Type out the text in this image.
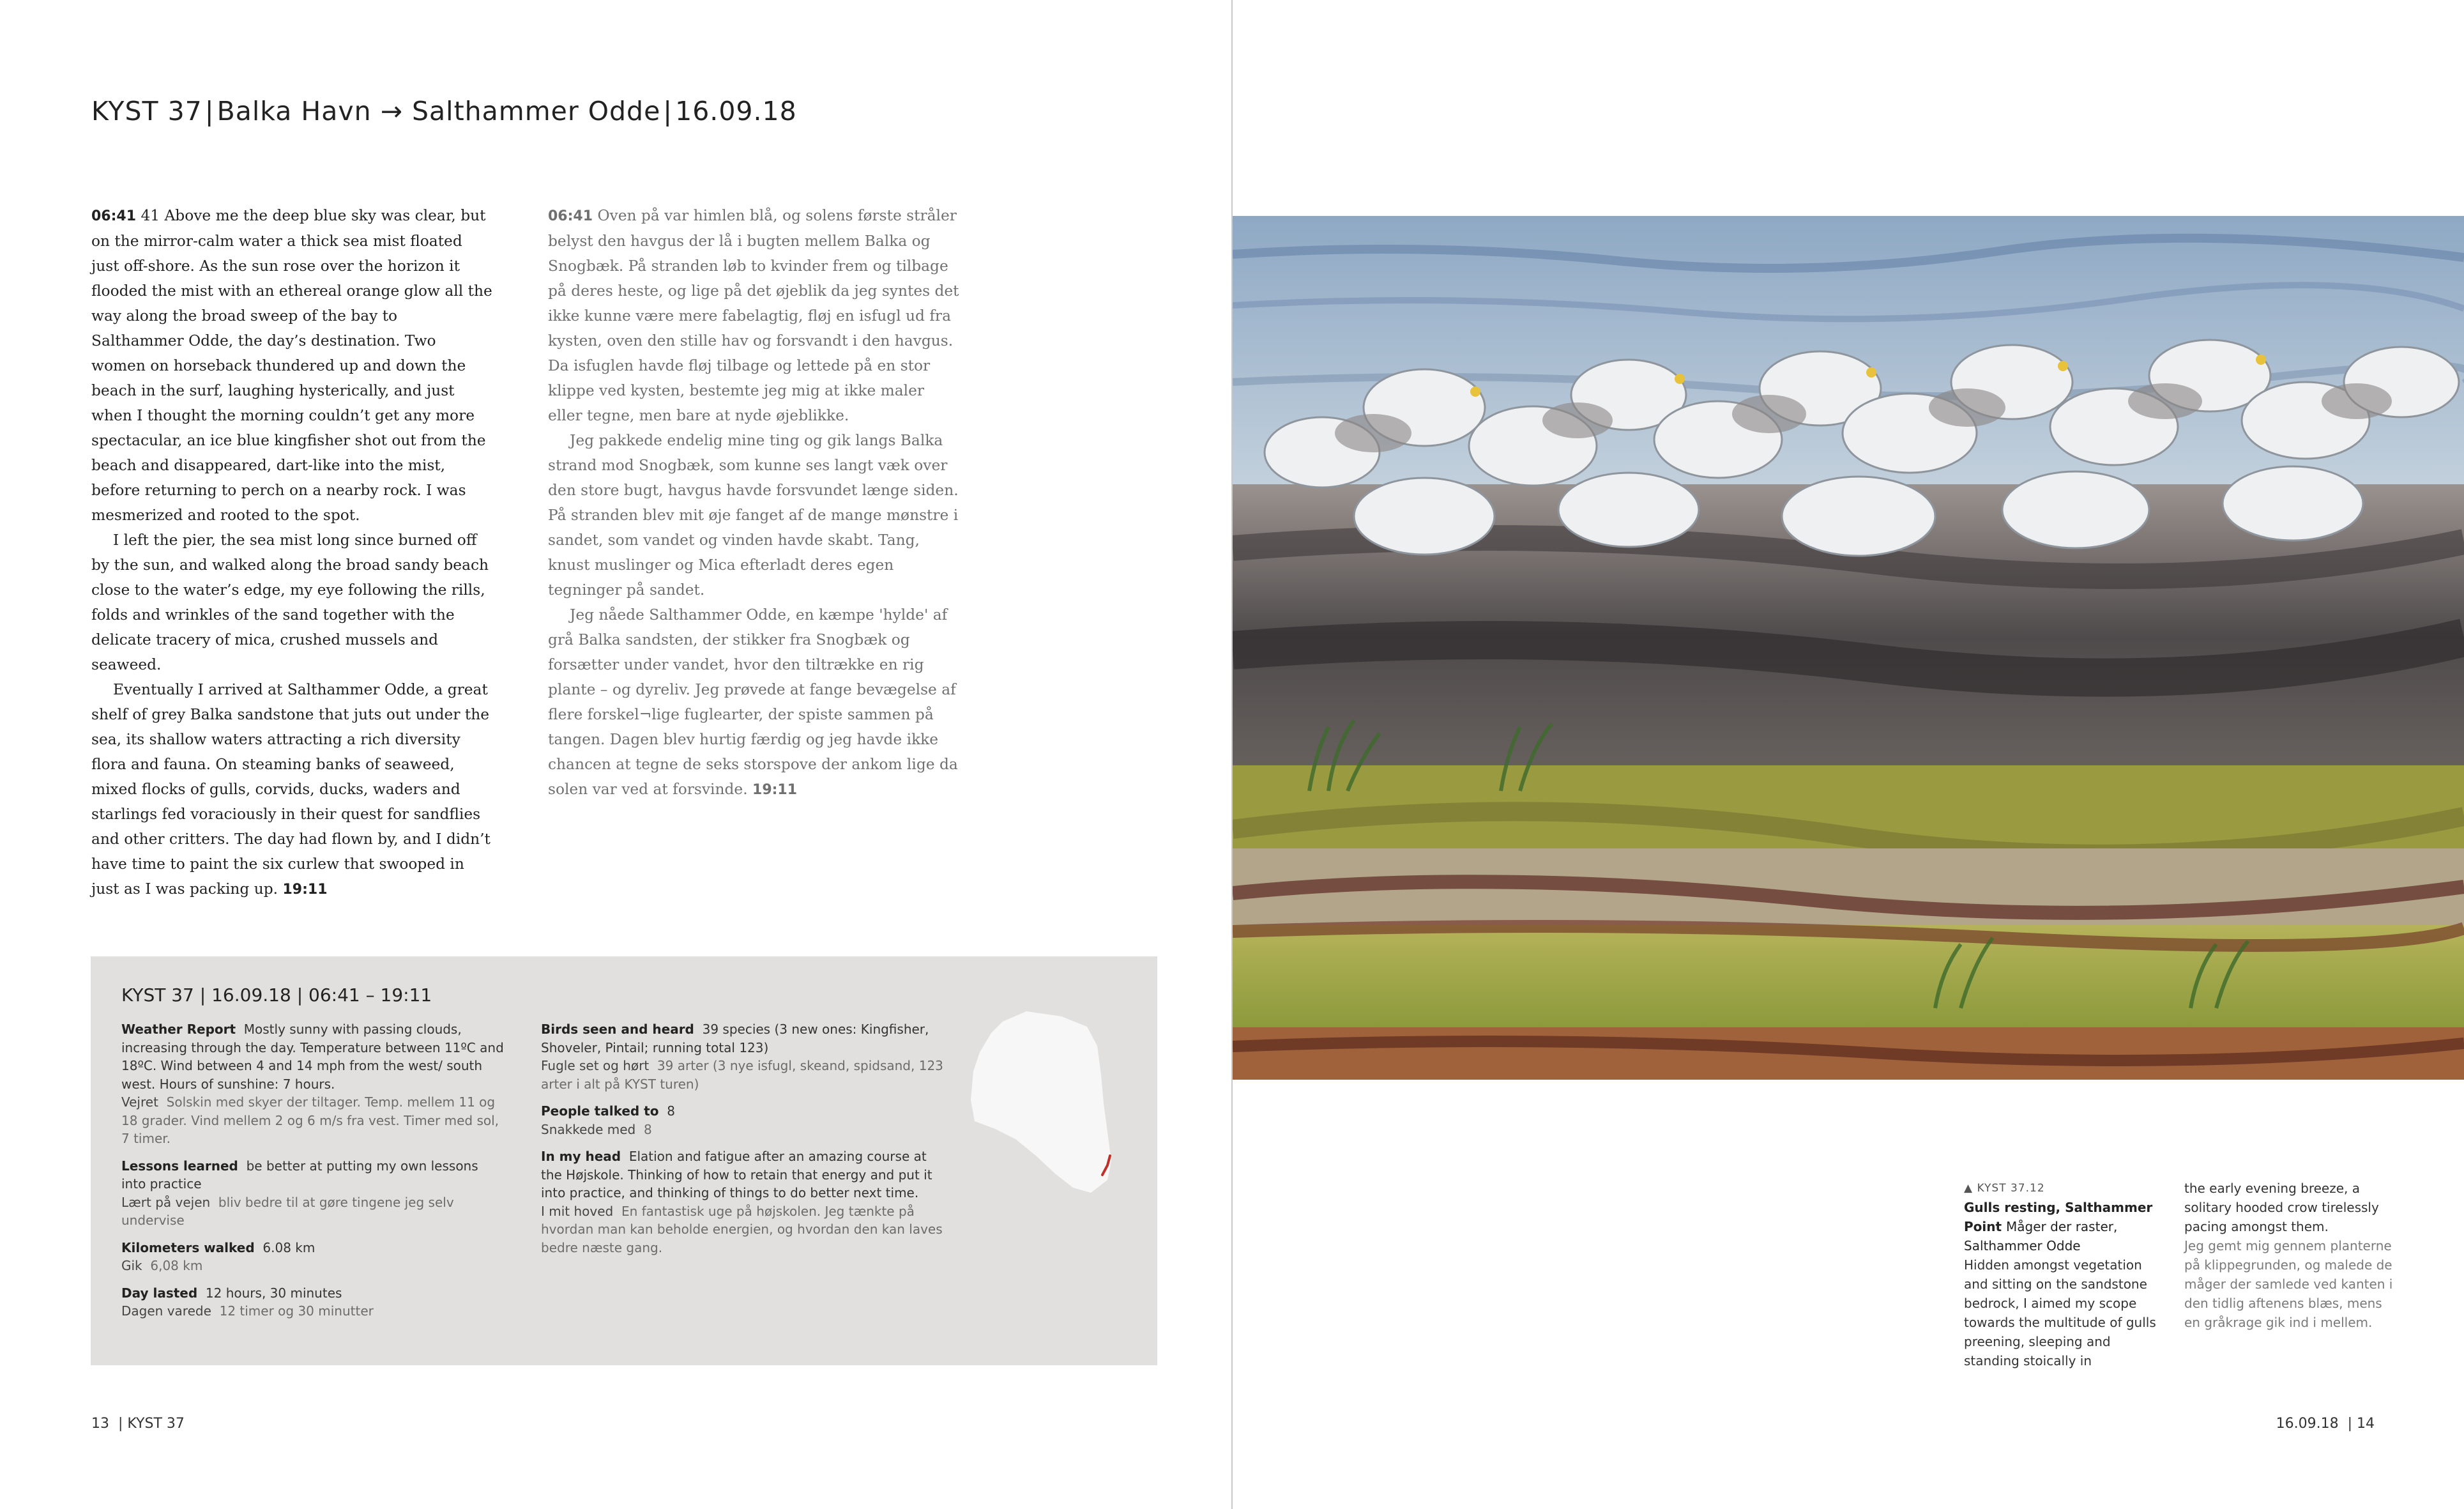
KYST 37|Balka Havn → Salthammer Odde|16.09.18

06:41 41 Above me the deep blue sky was clear, but on the mirror-calm water a thick sea mist floated just off-shore. As the sun rose over the horizon it flooded the mist with an ethereal orange glow all the way along the broad sweep of the bay to Salthammer Odde, the day’s destination. Two women on horseback thundered up and down the beach in the surf, laughing hysterically, and just when I thought the morning couldn’t get any more spectacular, an ice blue kingfisher shot out from the beach and disappeared, dart-like into the mist, before returning to perch on a nearby rock. I was mesmerized and rooted to the spot.

I left the pier, the sea mist long since burned off by the sun, and walked along the broad sandy beach close to the water’s edge, my eye following the rills, folds and wrinkles of the sand together with the delicate tracery of mica, crushed mussels and seaweed.

Eventually I arrived at Salthammer Odde, a great shelf of grey Balka sandstone that juts out under the sea, its shallow waters attracting a rich diversity flora and fauna. On steaming banks of seaweed, mixed flocks of gulls, corvids, ducks, waders and starlings fed voraciously in their quest for sandflies and other critters. The day had flown by, and I didn’t have time to paint the six curlew that swooped in just as I was packing up. 19:11

06:41 Oven på var himlen blå, og solens første stråler belyst den havgus der lå i bugten mellem Balka og Snogbæk. På stranden løb to kvinder frem og tilbage på deres heste, og lige på det øjeblik da jeg syntes det ikke kunne være mere fabelagtig, fløj en isfugl ud fra kysten, oven den stille hav og forsvandt i den havgus. Da isfuglen havde fløj tilbage og lettede på en stor klippe ved kysten, bestemte jeg mig at ikke maler eller tegne, men bare at nyde øjeblikke.

Jeg pakkede endelig mine ting og gik langs Balka strand mod Snogbæk, som kunne ses langt væk over den store bugt, havgus havde forsvundet længe siden. På stranden blev mit øje fanget af de mange mønstre i sandet, som vandet og vinden havde skabt. Tang, knust muslinger og Mica efterladt deres egen tegninger på sandet.

Jeg nåede Salthammer Odde, en kæmpe 'hylde' af grå Balka sandsten, der stikker fra Snogbæk og forsætter under vandet, hvor den tiltrække en rig plante – og dyreliv. Jeg prøvede at fange bevægelse af flere forskel¬lige fuglearter, der spiste sammen på tangen. Dagen blev hurtig færdig og jeg havde ikke chancen at tegne de seks storspove der ankom lige da solen var ved at forsvinde. 19:11

KYST 37 | 16.09.18 | 06:41 – 19:11
Weather Report Mostly sunny with passing clouds, increasing through the day. Temperature between 11ºC and 18ºC. Wind between 4 and 14 mph from the west/ south west. Hours of sunshine: 7 hours.
Vejret Solskin med skyer der tiltager. Temp. mellem 11 og 18 grader. Vind mellem 2 og 6 m/s fra vest. Timer med sol, 7 timer.
Lessons learned be better at putting my own lessons into practice
Lært på vejen bliv bedre til at gøre tingene jeg selv undervise
Kilometers walked 6.08 km
Gik 6,08 km
Day lasted 12 hours, 30 minutes
Dagen varede 12 timer og 30 minutter
Birds seen and heard 39 species (3 new ones: Kingfisher, Shoveler, Pintail; running total 123)
Fugle set og hørt 39 arter (3 nye isfugl, skeand, spidsand, 123 arter i alt på KYST turen)
People talked to 8
Snakkede med 8
In my head Elation and fatigue after an amazing course at the Højskole. Thinking of how to retain that energy and put it into practice, and thinking of things to do better next time.
I mit hoved En fantastisk uge på højskolen. Jeg tænkte på hvordan man kan beholde energien, og hvordan den kan laves bedre næste gang.
13  | KYST 37
▲ KYST 37.12
Gulls resting, Salthammer Point Måger der raster, Salthammer Odde
Hidden amongst vegetation and sitting on the sandstone bedrock, I aimed my scope towards the multitude of gulls preening, sleeping and standing stoically in
the early evening breeze, a solitary hooded crow tirelessly pacing amongst them.
Jeg gemt mig gennem planterne på klippegrunden, og malede de måger der samlede ved kanten i den tidlig aftenens blæs, mens en gråkrage gik ind i mellem.
16.09.18  | 14
